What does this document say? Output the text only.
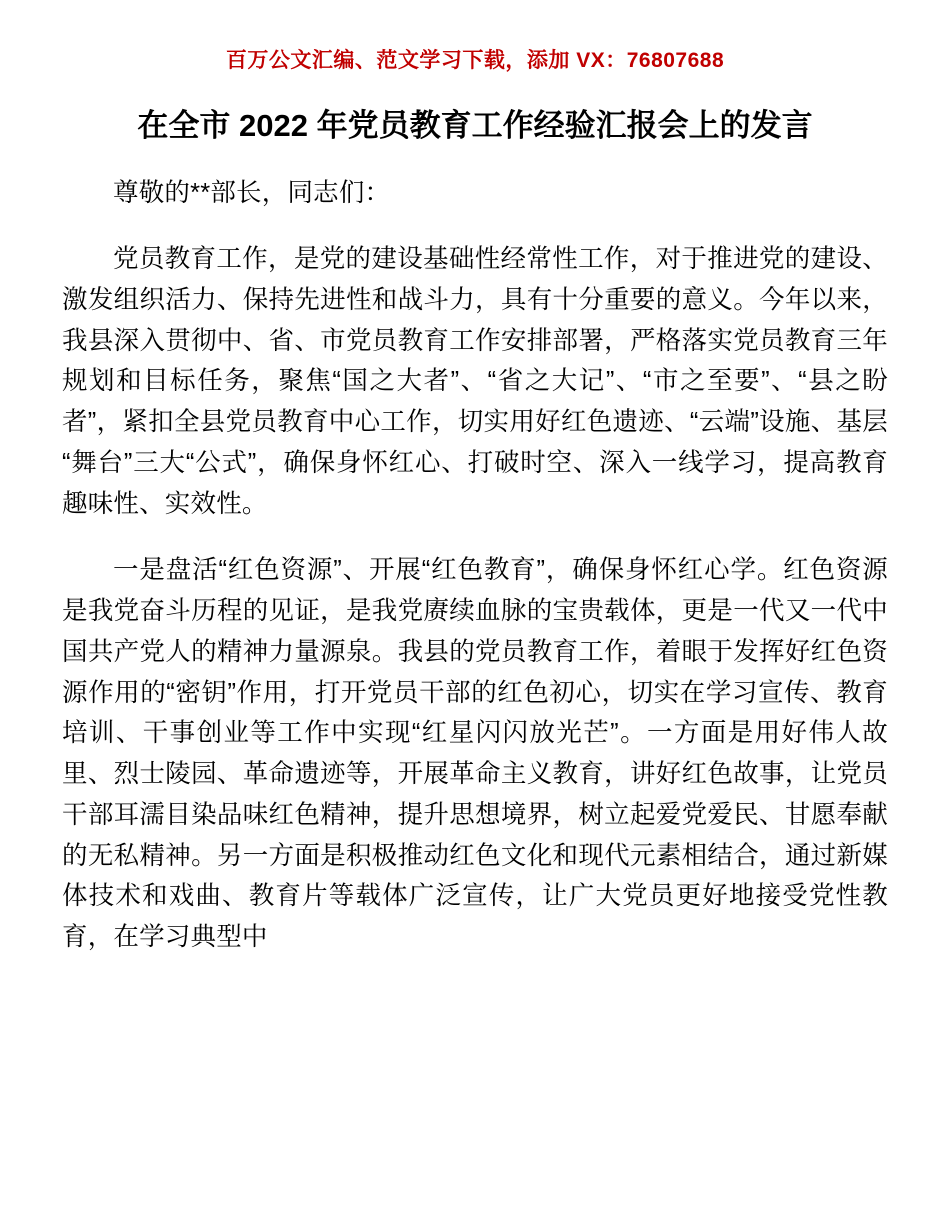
百万公文汇编、范文学习下载，添加 VX：76807688
在全市 2022 年党员教育工作经验汇报会上的发言

尊敬的**部长，同志们：

党员教育工作，是党的建设基础性经常性工作，对于推进党的建设、激发组织活力、保持先进性和战斗力，具有十分重要的意义。今年以来，我县深入贯彻中、省、市党员教育工作安排部署，严格落实党员教育三年规划和目标任务，聚焦“国之大者”、“省之大记”、“市之至要”、“县之盼者”，紧扣全县党员教育中心工作，切实用好红色遗迹、“云端”设施、基层“舞台”三大“公式”，确保身怀红心、打破时空、深入一线学习，提高教育趣味性、实效性。

一是盘活“红色资源”、开展“红色教育”，确保身怀红心学。红色资源是我党奋斗历程的见证，是我党赓续血脉的宝贵载体，更是一代又一代中国共产党人的精神力量源泉。我县的党员教育工作，着眼于发挥好红色资源作用的“密钥”作用，打开党员干部的红色初心，切实在学习宣传、教育培训、干事创业等工作中实现“红星闪闪放光芒”。一方面是用好伟人故里、烈士陵园、革命遗迹等，开展革命主义教育，讲好红色故事，让党员干部耳濡目染品味红色精神，提升思想境界，树立起爱党爱民、甘愿奉献的无私精神。另一方面是积极推动红色文化和现代元素相结合，通过新媒体技术和戏曲、教育片等载体广泛宣传，让广大党员更好地接受党性教育，在学习典型中
